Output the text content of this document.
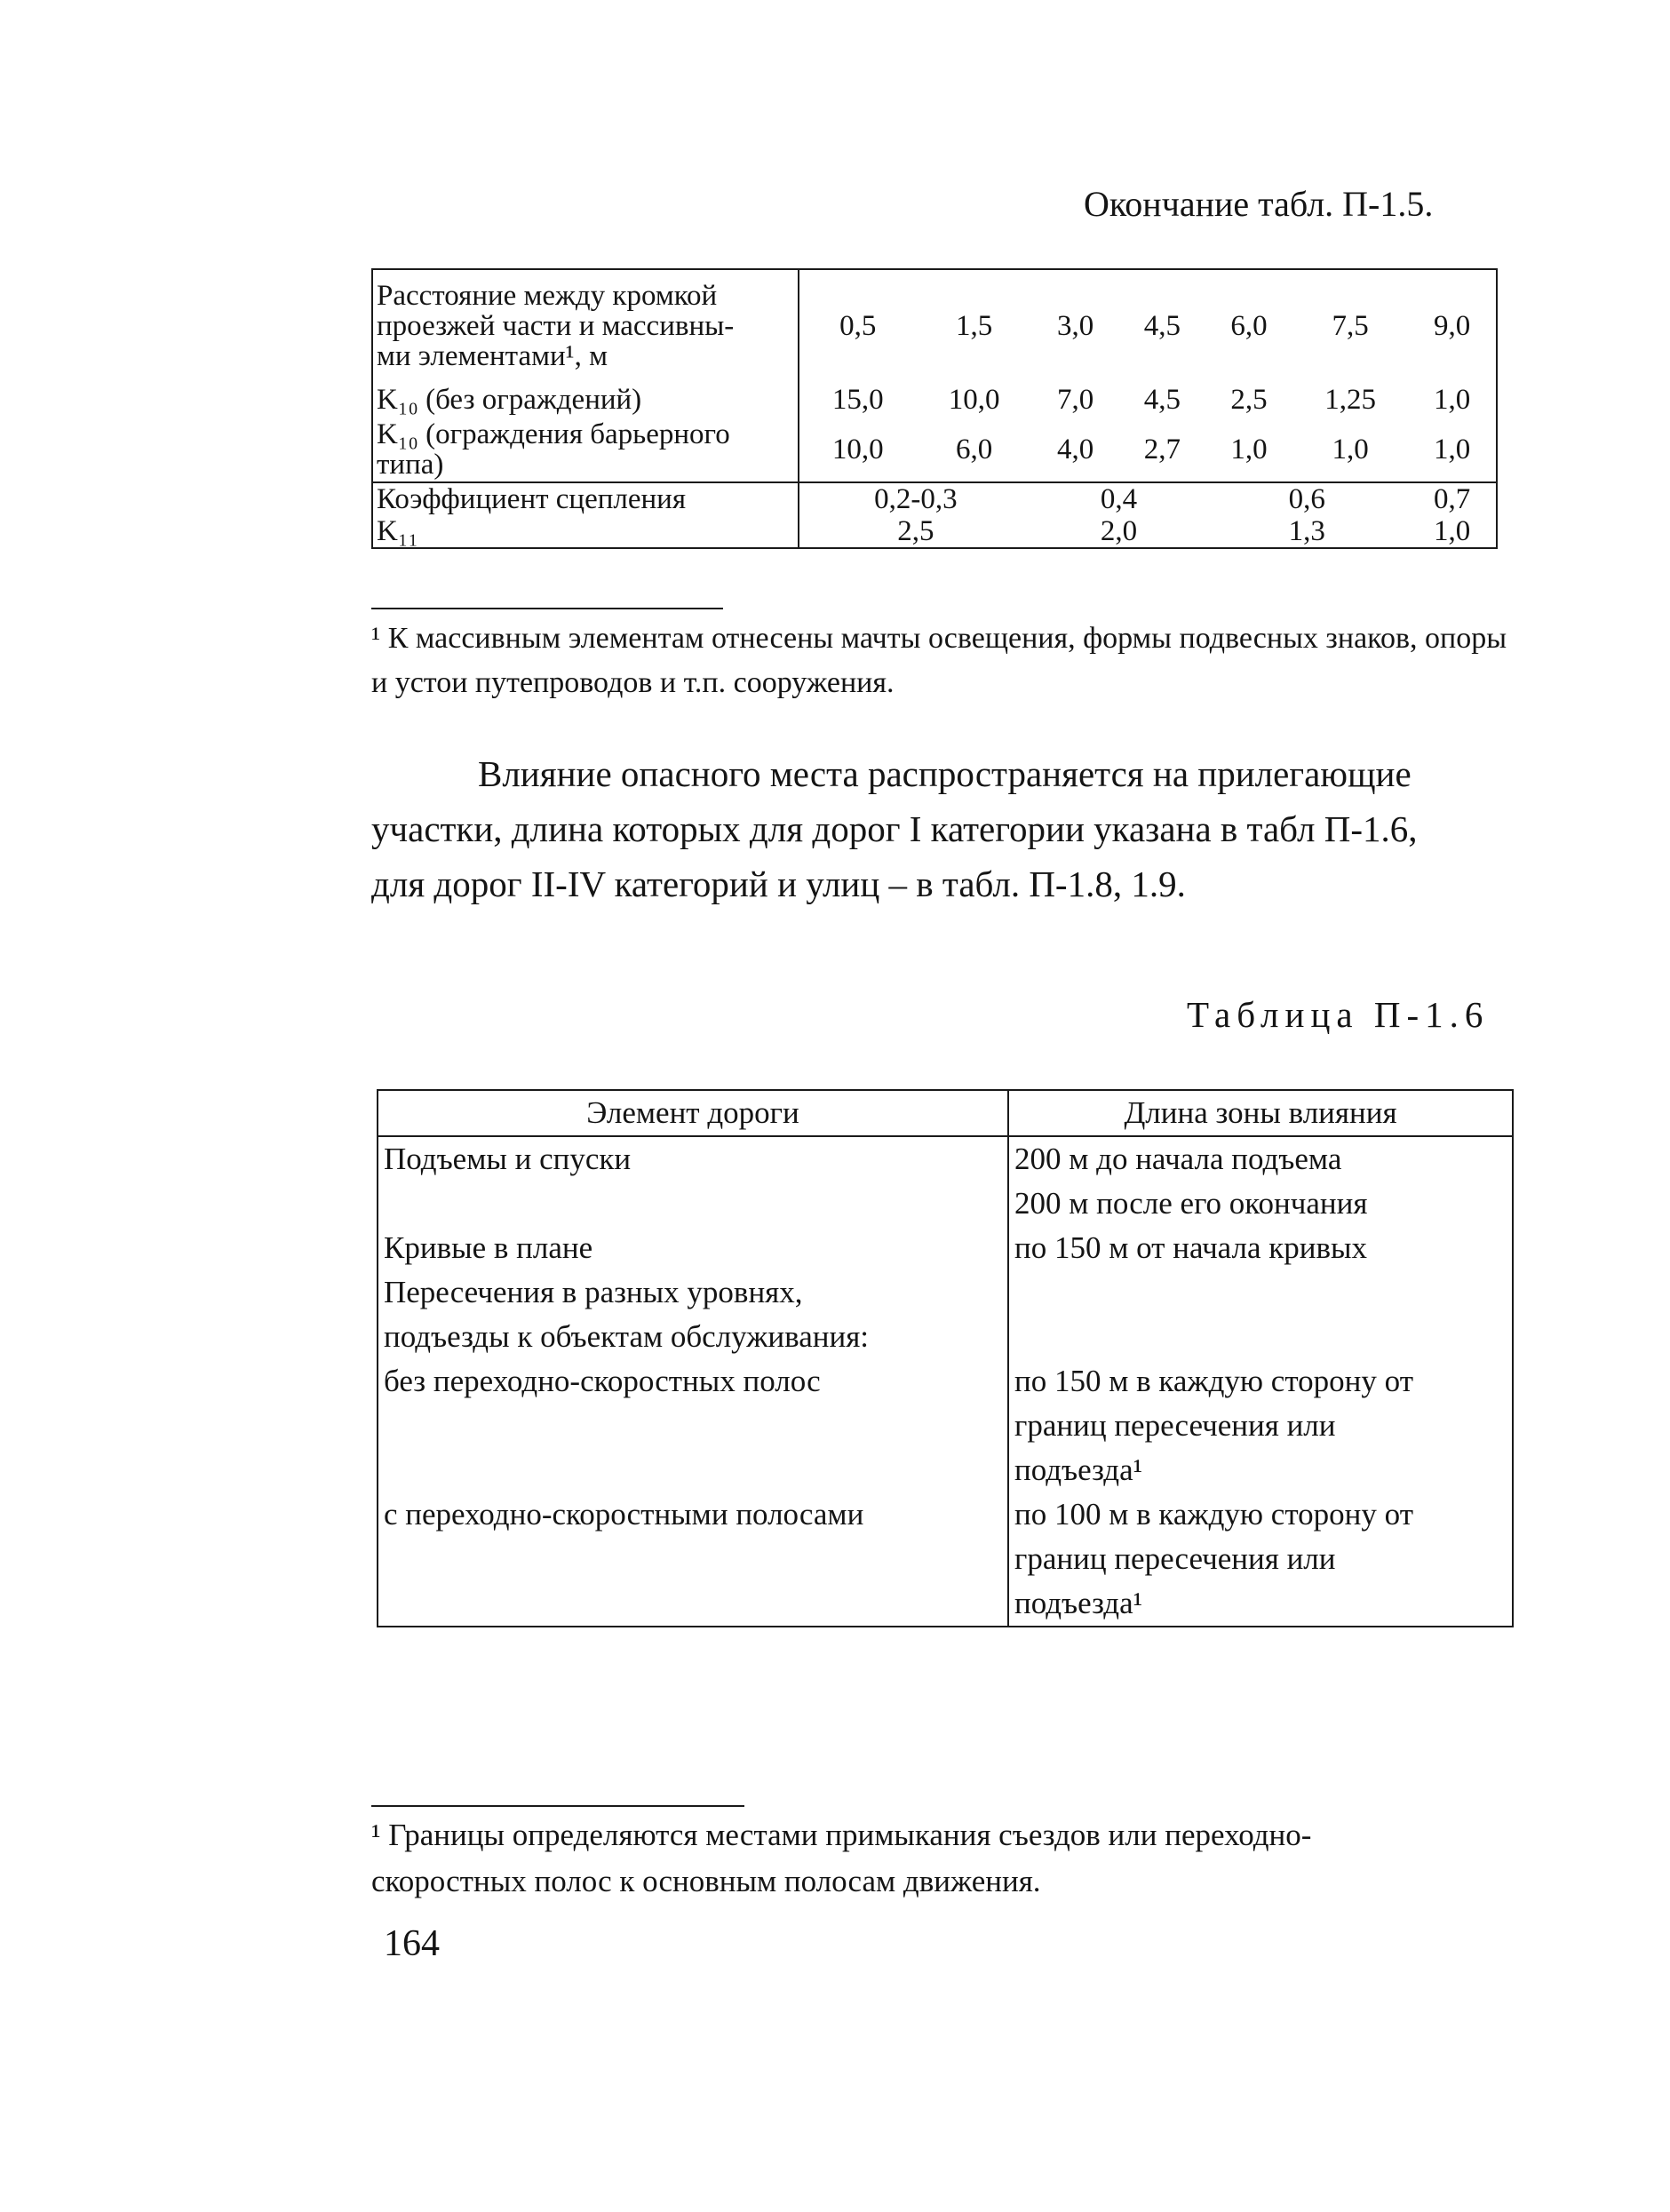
Окончание табл. П-1.5.
Расстояние между кромкой
проезжей части и массивны-
ми элементами¹, м	0,5	1,5	3,0	4,5	6,0	7,5	9,0

K₁₀ (без ограждений)	15,0	10,0	7,0	4,5	2,5	1,25	1,0

K₁₀ (ограждения барьерного
типа)	10,0	6,0	4,0	2,7	1,0	1,0	1,0

Коэффициент сцепления	0,2-0,3		0,4		0,6		0,7

K₁₁	2,5		2,0		1,3		1,0
¹ К массивным элементам отнесены мачты освещения, формы подвесных знаков, опоры и устои путепроводов и т.п. сооружения.
Влияние опасного места распространяется на прилегающие
участки, длина которых для дорог I категории указана в табл П-1.6,
для дорог II-IV категорий и улиц – в табл. П-1.8, 1.9.
Таблица П-1.6
Элемент дороги	Длина зоны влияния

Подъемы и спуски	200 м до начала подъема
200 м после его окончания

Кривые в плане	по 150 м от начала кривых

Пересечения в разных уровнях,
подъезды к объектам обслуживания:	

без переходно-скоростных полос	по 150 м в каждую сторону от
границ пересечения или
подъезда¹

с переходно-скоростными полосами	по 100 м в каждую сторону от
границ пересечения или
подъезда¹
¹ Границы определяются местами примыкания съездов или переходно-
скоростных полос к основным полосам движения.
164
